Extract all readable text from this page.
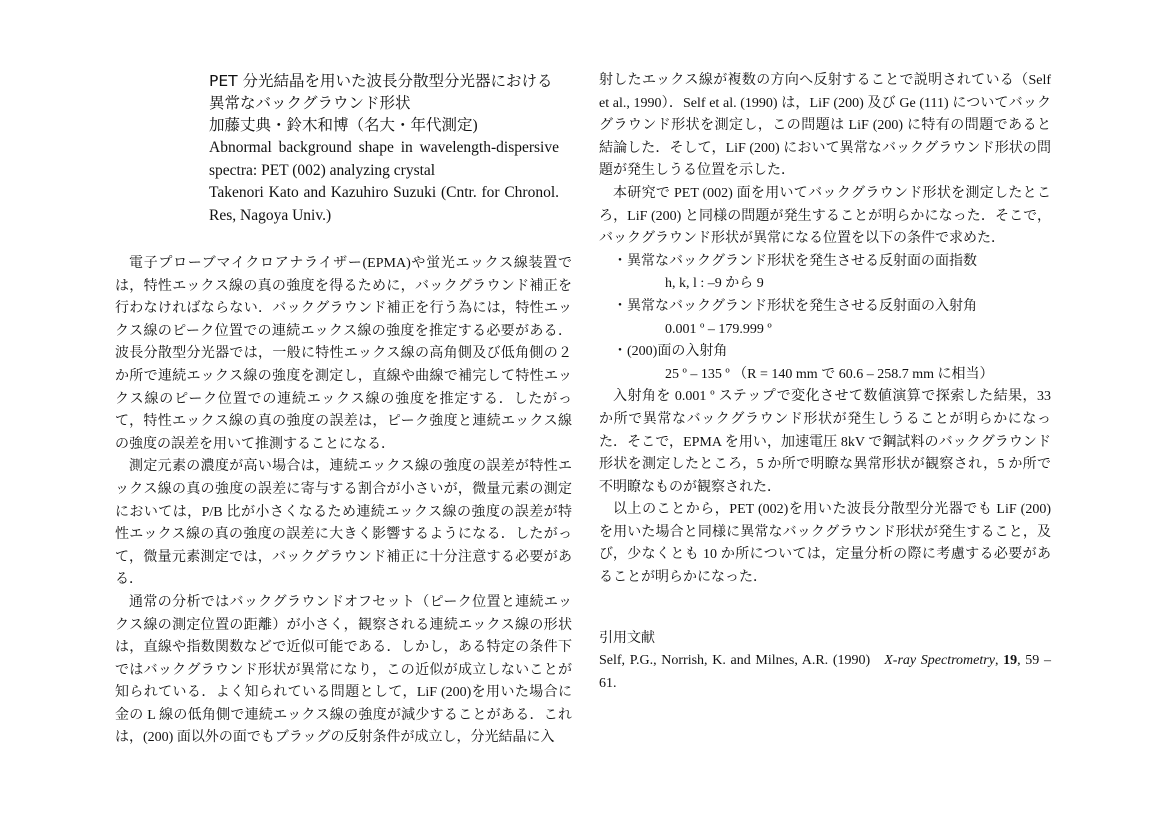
PET 分光結晶を用いた波長分散型分光器における異常なバックグラウンド形状
加藤丈典・鈴木和博（名大・年代測定)
Abnormal background shape in wavelength-dispersive spectra: PET (002) analyzing crystal
Takenori Kato and Kazuhiro Suzuki (Cntr. for Chronol. Res, Nagoya Univ.)

電子プローブマイクロアナライザー(EPMA)や蛍光エックス線装置では，特性エックス線の真の強度を得るために，バックグラウンド補正を行わなければならない．バックグラウンド補正を行う為には，特性エックス線のピーク位置での連続エックス線の強度を推定する必要がある．波長分散型分光器では，一般に特性エックス線の高角側及び低角側の２か所で連続エックス線の強度を測定し，直線や曲線で補完して特性エックス線のピーク位置での連続エックス線の強度を推定する．したがって，特性エックス線の真の強度の誤差は，ピーク強度と連続エックス線の強度の誤差を用いて推測することになる．

測定元素の濃度が高い場合は，連続エックス線の強度の誤差が特性エックス線の真の強度の誤差に寄与する割合が小さいが，微量元素の測定においては，P/B 比が小さくなるため連続エックス線の強度の誤差が特性エックス線の真の強度の誤差に大きく影響するようになる．したがって，微量元素測定では，バックグラウンド補正に十分注意する必要がある．

通常の分析ではバックグラウンドオフセット（ピーク位置と連続エックス線の測定位置の距離）が小さく，観察される連続エックス線の形状は，直線や指数関数などで近似可能である．しかし，ある特定の条件下ではバックグラウンド形状が異常になり，この近似が成立しないことが知られている．よく知られている問題として，LiF (200)を用いた場合に金の L 線の低角側で連続エックス線の強度が減少することがある．これは，(200) 面以外の面でもブラッグの反射条件が成立し，分光結晶に入

射したエックス線が複数の方向へ反射することで説明されている（Self et al., 1990）．Self et al. (1990) は，LiF (200) 及び Ge (111) についてバックグラウンド形状を測定し，この問題は LiF (200) に特有の問題であると結論した．そして，LiF (200) において異常なバックグラウンド形状の問題が発生しうる位置を示した．

本研究で PET (002) 面を用いてバックグラウンド形状を測定したところ，LiF (200) と同様の問題が発生することが明らかになった．そこで，バックグラウンド形状が異常になる位置を以下の条件で求めた．

・異常なバックグランド形状を発生させる反射面の面指数
h, k, l : –9 から 9
・異常なバックグランド形状を発生させる反射面の入射角
0.001 º – 179.999 º
・(200)面の入射角
25 º – 135 º （R = 140 mm で 60.6 – 258.7 mm に相当）

入射角を 0.001 º ステップで変化させて数値演算で探索した結果，33 か所で異常なバックグラウンド形状が発生しうることが明らかになった．そこで，EPMA を用い，加速電圧 8kV で鋼試料のバックグラウンド形状を測定したところ，5 か所で明瞭な異常形状が観察され，5 か所で不明瞭なものが観察された．

以上のことから，PET (002)を用いた波長分散型分光器でも LiF (200) を用いた場合と同様に異常なバックグラウンド形状が発生すること，及び，少なくとも 10 か所については，定量分析の際に考慮する必要があることが明らかになった．

引用文献
Self, P.G., Norrish, K. and Milnes, A.R. (1990) X-ray Spectrometry, 19, 59 – 61.
